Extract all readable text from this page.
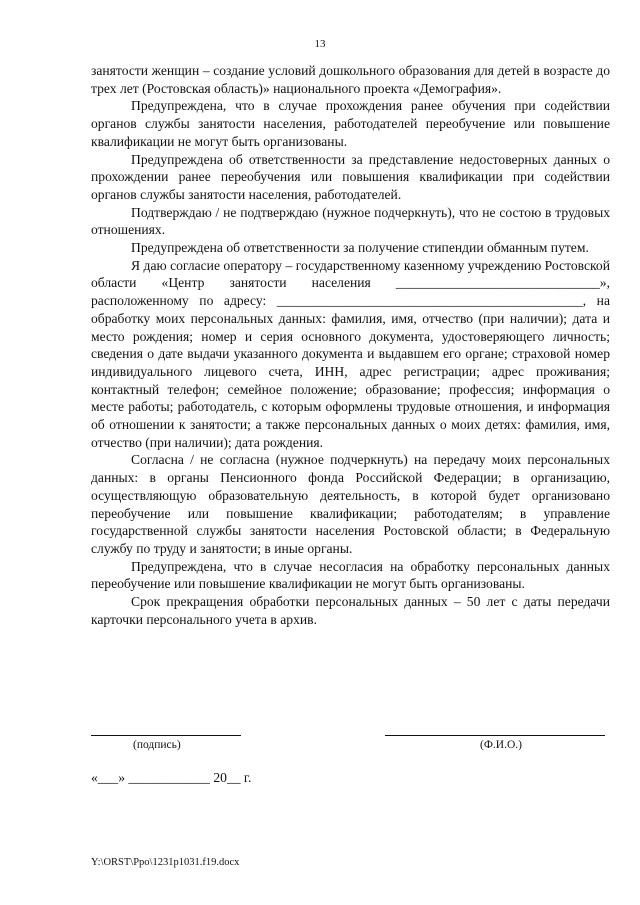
13

занятости женщин – создание условий дошкольного образования для детей в возрасте до трех лет (Ростовская область)» национального проекта «Демография».

Предупреждена, что в случае прохождения ранее обучения при содействии органов службы занятости населения, работодателей переобучение или повышение квалификации не могут быть организованы.

Предупреждена об ответственности за представление недостоверных данных о прохождении ранее переобучения или повышения квалификации при содействии органов службы занятости населения, работодателей.

Подтверждаю / не подтверждаю (нужное подчеркнуть), что не состою в трудовых отношениях.

Предупреждена об ответственности за получение стипендии обманным путем.

Я даю согласие оператору – государственному казенному учреждению Ростовской области «Центр занятости населения ______________________________», расположенному по адресу: _____________________________________________, на обработку моих персональных данных: фамилия, имя, отчество (при наличии); дата и место рождения; номер и серия основного документа, удостоверяющего личность; сведения о дате выдачи указанного документа и выдавшем его органе; страховой номер индивидуального лицевого счета, ИНН, адрес регистрации; адрес проживания; контактный телефон; семейное положение; образование; профессия; информация о месте работы; работодатель, с которым оформлены трудовые отношения, и информация об отношении к занятости; а также персональных данных о моих детях: фамилия, имя, отчество (при наличии); дата рождения.

Согласна / не согласна (нужное подчеркнуть) на передачу моих персональных данных: в органы Пенсионного фонда Российской Федерации; в организацию, осуществляющую образовательную деятельность, в которой будет организовано переобучение или повышение квалификации; работодателям; в управление государственной службы занятости населения Ростовской области; в Федеральную службу по труду и занятости; в иные органы.

Предупреждена, что в случае несогласия на обработку персональных данных переобучение или повышение квалификации не могут быть организованы.

Срок прекращения обработки персональных данных – 50 лет с даты передачи карточки персонального учета в архив.

(подпись)	(Ф.И.О.)
«___» ____________ 20__ г.
Y:\ORST\Ppo\1231p1031.f19.docx
